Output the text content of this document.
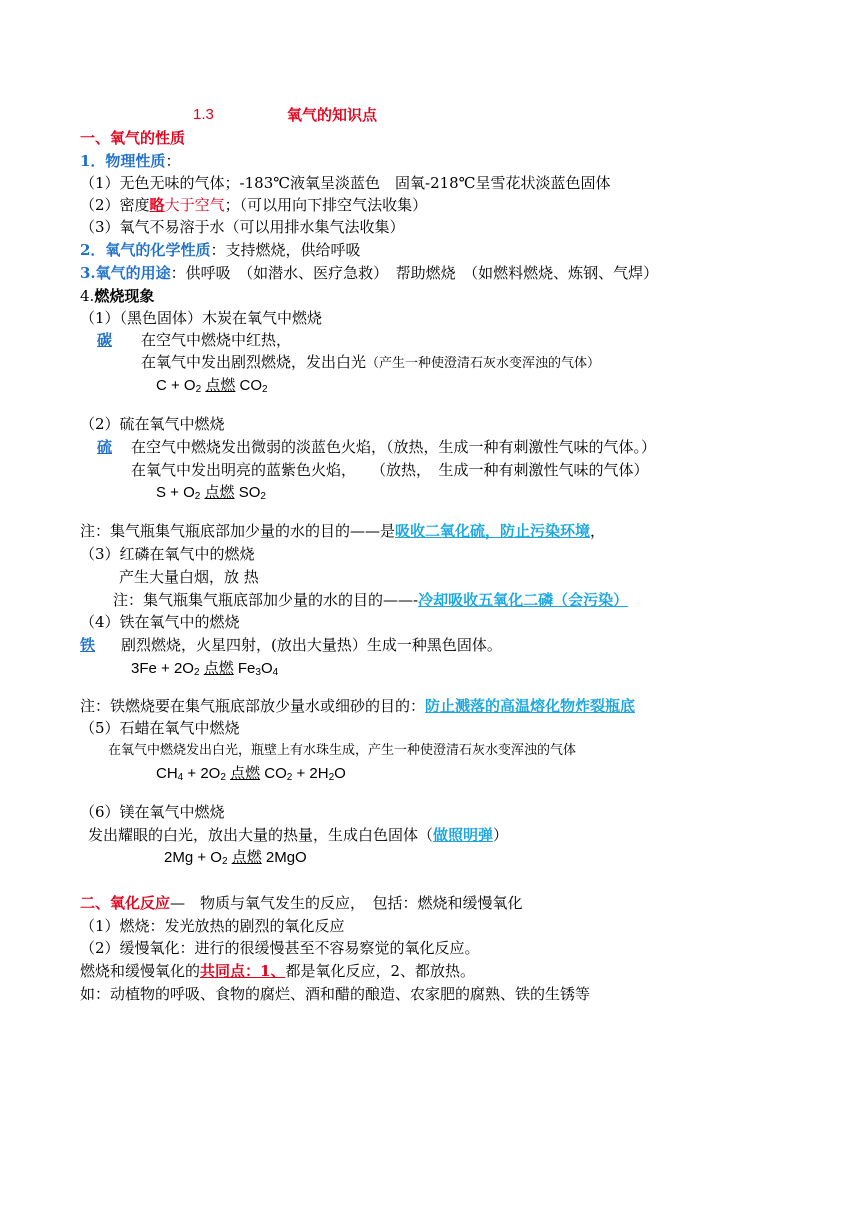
1.3	氧气的知识点
一、氧气的性质
1．物理性质：
（1）无色无味的气体；-183℃液氧呈淡蓝色　固氧-218℃呈雪花状淡蓝色固体
（2）密度略大于空气；（可以用向下排空气法收集）
（3）氧气不易溶于水（可以用排水集气法收集）
2．氧气的化学性质：支持燃烧，供给呼吸
3.氧气的用途：供呼吸　（如潜水、医疗急救）　帮助燃烧　（如燃料燃烧、炼钢、气焊）
4.燃烧现象
（1）（黑色固体）木炭在氧气中燃烧
碳 在空气中燃烧中红热，
在氧气中发出剧烈燃烧，发出白光（产生一种使澄清石灰水变浑浊的气体）
$C + O_2$ 点燃 $CO_2$
（2）硫在氧气中燃烧
硫 在空气中燃烧发出微弱的淡蓝色火焰，（放热，生成一种有刺激性气味的气体。）
在氧气中发出明亮的蓝紫色火焰，　　（放热，　生成一种有刺激性气味的气体）
$S + O_2$ 点燃 $SO_2$
注：集气瓶集气瓶底部加少量的水的目的——是吸收二氧化硫，防止污染环境，
（3）红磷在氧气中的燃烧
产生大量白烟，放 热
注：集气瓶集气瓶底部加少量的水的目的——-冷却吸收五氧化二磷（会污染）
（4）铁在氧气中的燃烧
铁 剧烈燃烧，火星四射，(放出大量热）生成一种黑色固体。
$3Fe + 2O_2$ 点燃 $Fe_3O_4$
注：铁燃烧要在集气瓶底部放少量水或细砂的目的：防止溅落的高温熔化物炸裂瓶底
（5）石蜡在氧气中燃烧
在氧气中燃烧发出白光，瓶壁上有水珠生成，产生一种使澄清石灰水变浑浊的气体
$CH_4 + 2O_2$ 点燃 $CO_2 + 2H_2O$
（6）镁在氧气中燃烧
发出耀眼的白光，放出大量的热量，生成白色固体（做照明弹）
$2Mg + O_2$ 点燃 2MgO
二、氧化反应—　物质与氧气发生的反应，　包括：燃烧和缓慢氧化
（1）燃烧：发光放热的剧烈的氧化反应
（2）缓慢氧化：进行的很缓慢甚至不容易察觉的氧化反应。
燃烧和缓慢氧化的共同点：1、都是氧化反应，2、都放热。
如：动植物的呼吸、食物的腐烂、酒和醋的酿造、农家肥的腐熟、铁的生锈等
